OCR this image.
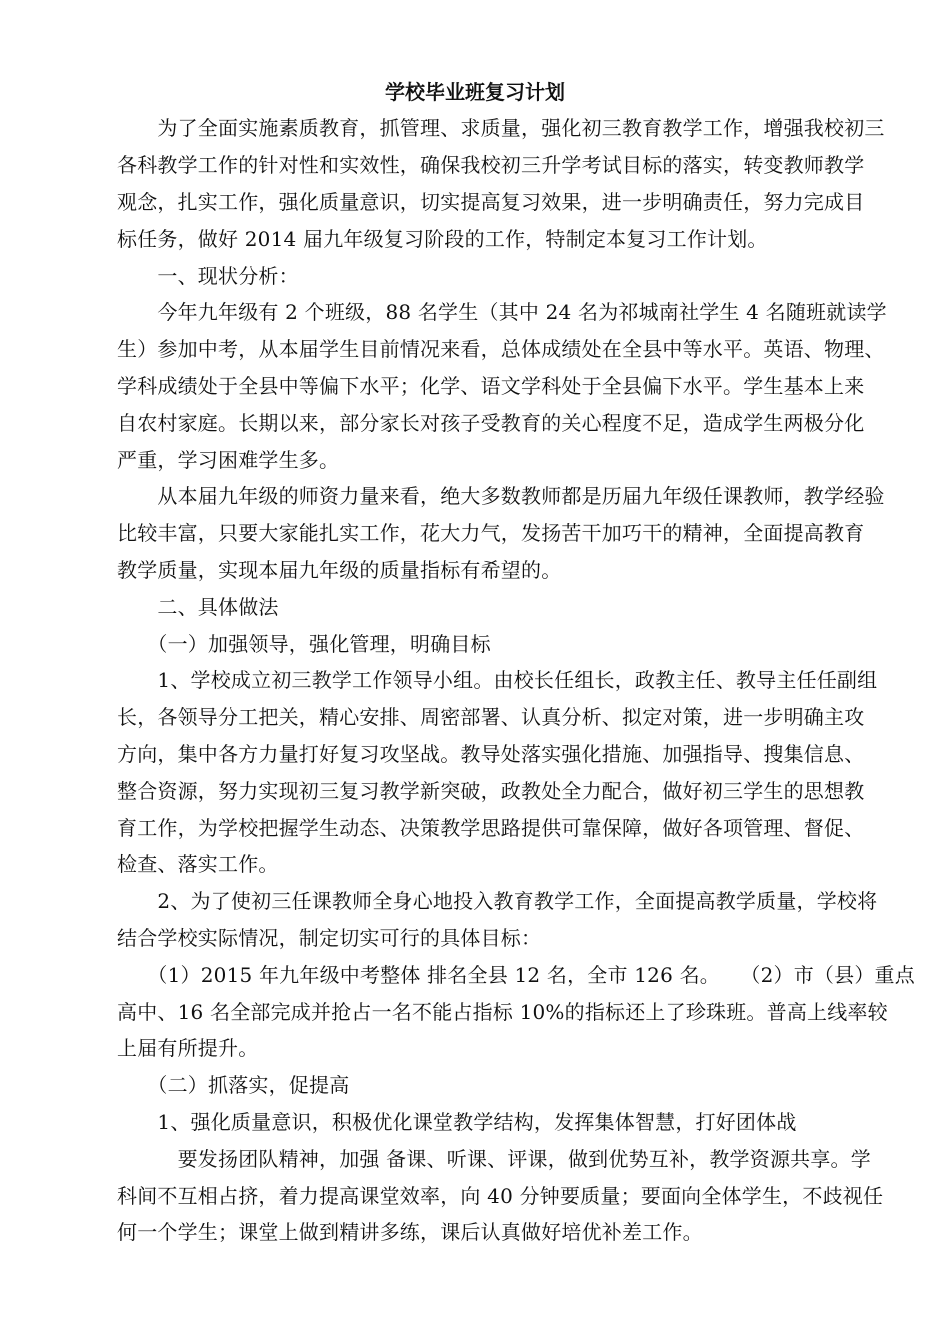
学校毕业班复习计划
　　为了全面实施素质教育，抓管理、求质量，强化初三教育教学工作，增强我校初三
各科教学工作的针对性和实效性，确保我校初三升学考试目标的落实，转变教师教学
观念，扎实工作，强化质量意识，切实提高复习效果，进一步明确责任，努力完成目
标任务，做好 2014 届九年级复习阶段的工作，特制定本复习工作计划。
　　一、现状分析：
　　今年九年级有 2 个班级，88 名学生（其中 24 名为祁城南社学生 4 名随班就读学
生）参加中考，从本届学生目前情况来看，总体成绩处在全县中等水平。英语、物理、
学科成绩处于全县中等偏下水平；化学、语文学科处于全县偏下水平。学生基本上来
自农村家庭。长期以来，部分家长对孩子受教育的关心程度不足，造成学生两极分化
严重，学习困难学生多。
　　从本届九年级的师资力量来看，绝大多数教师都是历届九年级任课教师，教学经验
比较丰富，只要大家能扎实工作，花大力气，发扬苦干加巧干的精神，全面提高教育
教学质量，实现本届九年级的质量指标有希望的。
　　二、具体做法
　　（一）加强领导，强化管理，明确目标
　　1、学校成立初三教学工作领导小组。由校长任组长，政教主任、教导主任任副组
长，各领导分工把关，精心安排、周密部署、认真分析、拟定对策，进一步明确主攻
方向，集中各方力量打好复习攻坚战。教导处落实强化措施、加强指导、搜集信息、
整合资源，努力实现初三复习教学新突破，政教处全力配合，做好初三学生的思想教
育工作，为学校把握学生动态、决策教学思路提供可靠保障，做好各项管理、督促、
检查、落实工作。
　　2、为了使初三任课教师全身心地投入教育教学工作，全面提高教学质量，学校将
结合学校实际情况，制定切实可行的具体目标：
　　（1）2015 年九年级中考整体 排名全县 12 名，全市 126 名。　　（2）市（县）重点
高中、16 名全部完成并抢占一名不能占指标 10%的指标还上了珍珠班。普高上线率较
上届有所提升。
　　（二）抓落实，促提高
　　1、强化质量意识，积极优化课堂教学结构，发挥集体智慧，打好团体战
　　　要发扬团队精神，加强 备课、听课、评课，做到优势互补，教学资源共享。学
科间不互相占挤，着力提高课堂效率，向 40 分钟要质量；要面向全体学生，不歧视任
何一个学生；课堂上做到精讲多练，课后认真做好培优补差工作。
